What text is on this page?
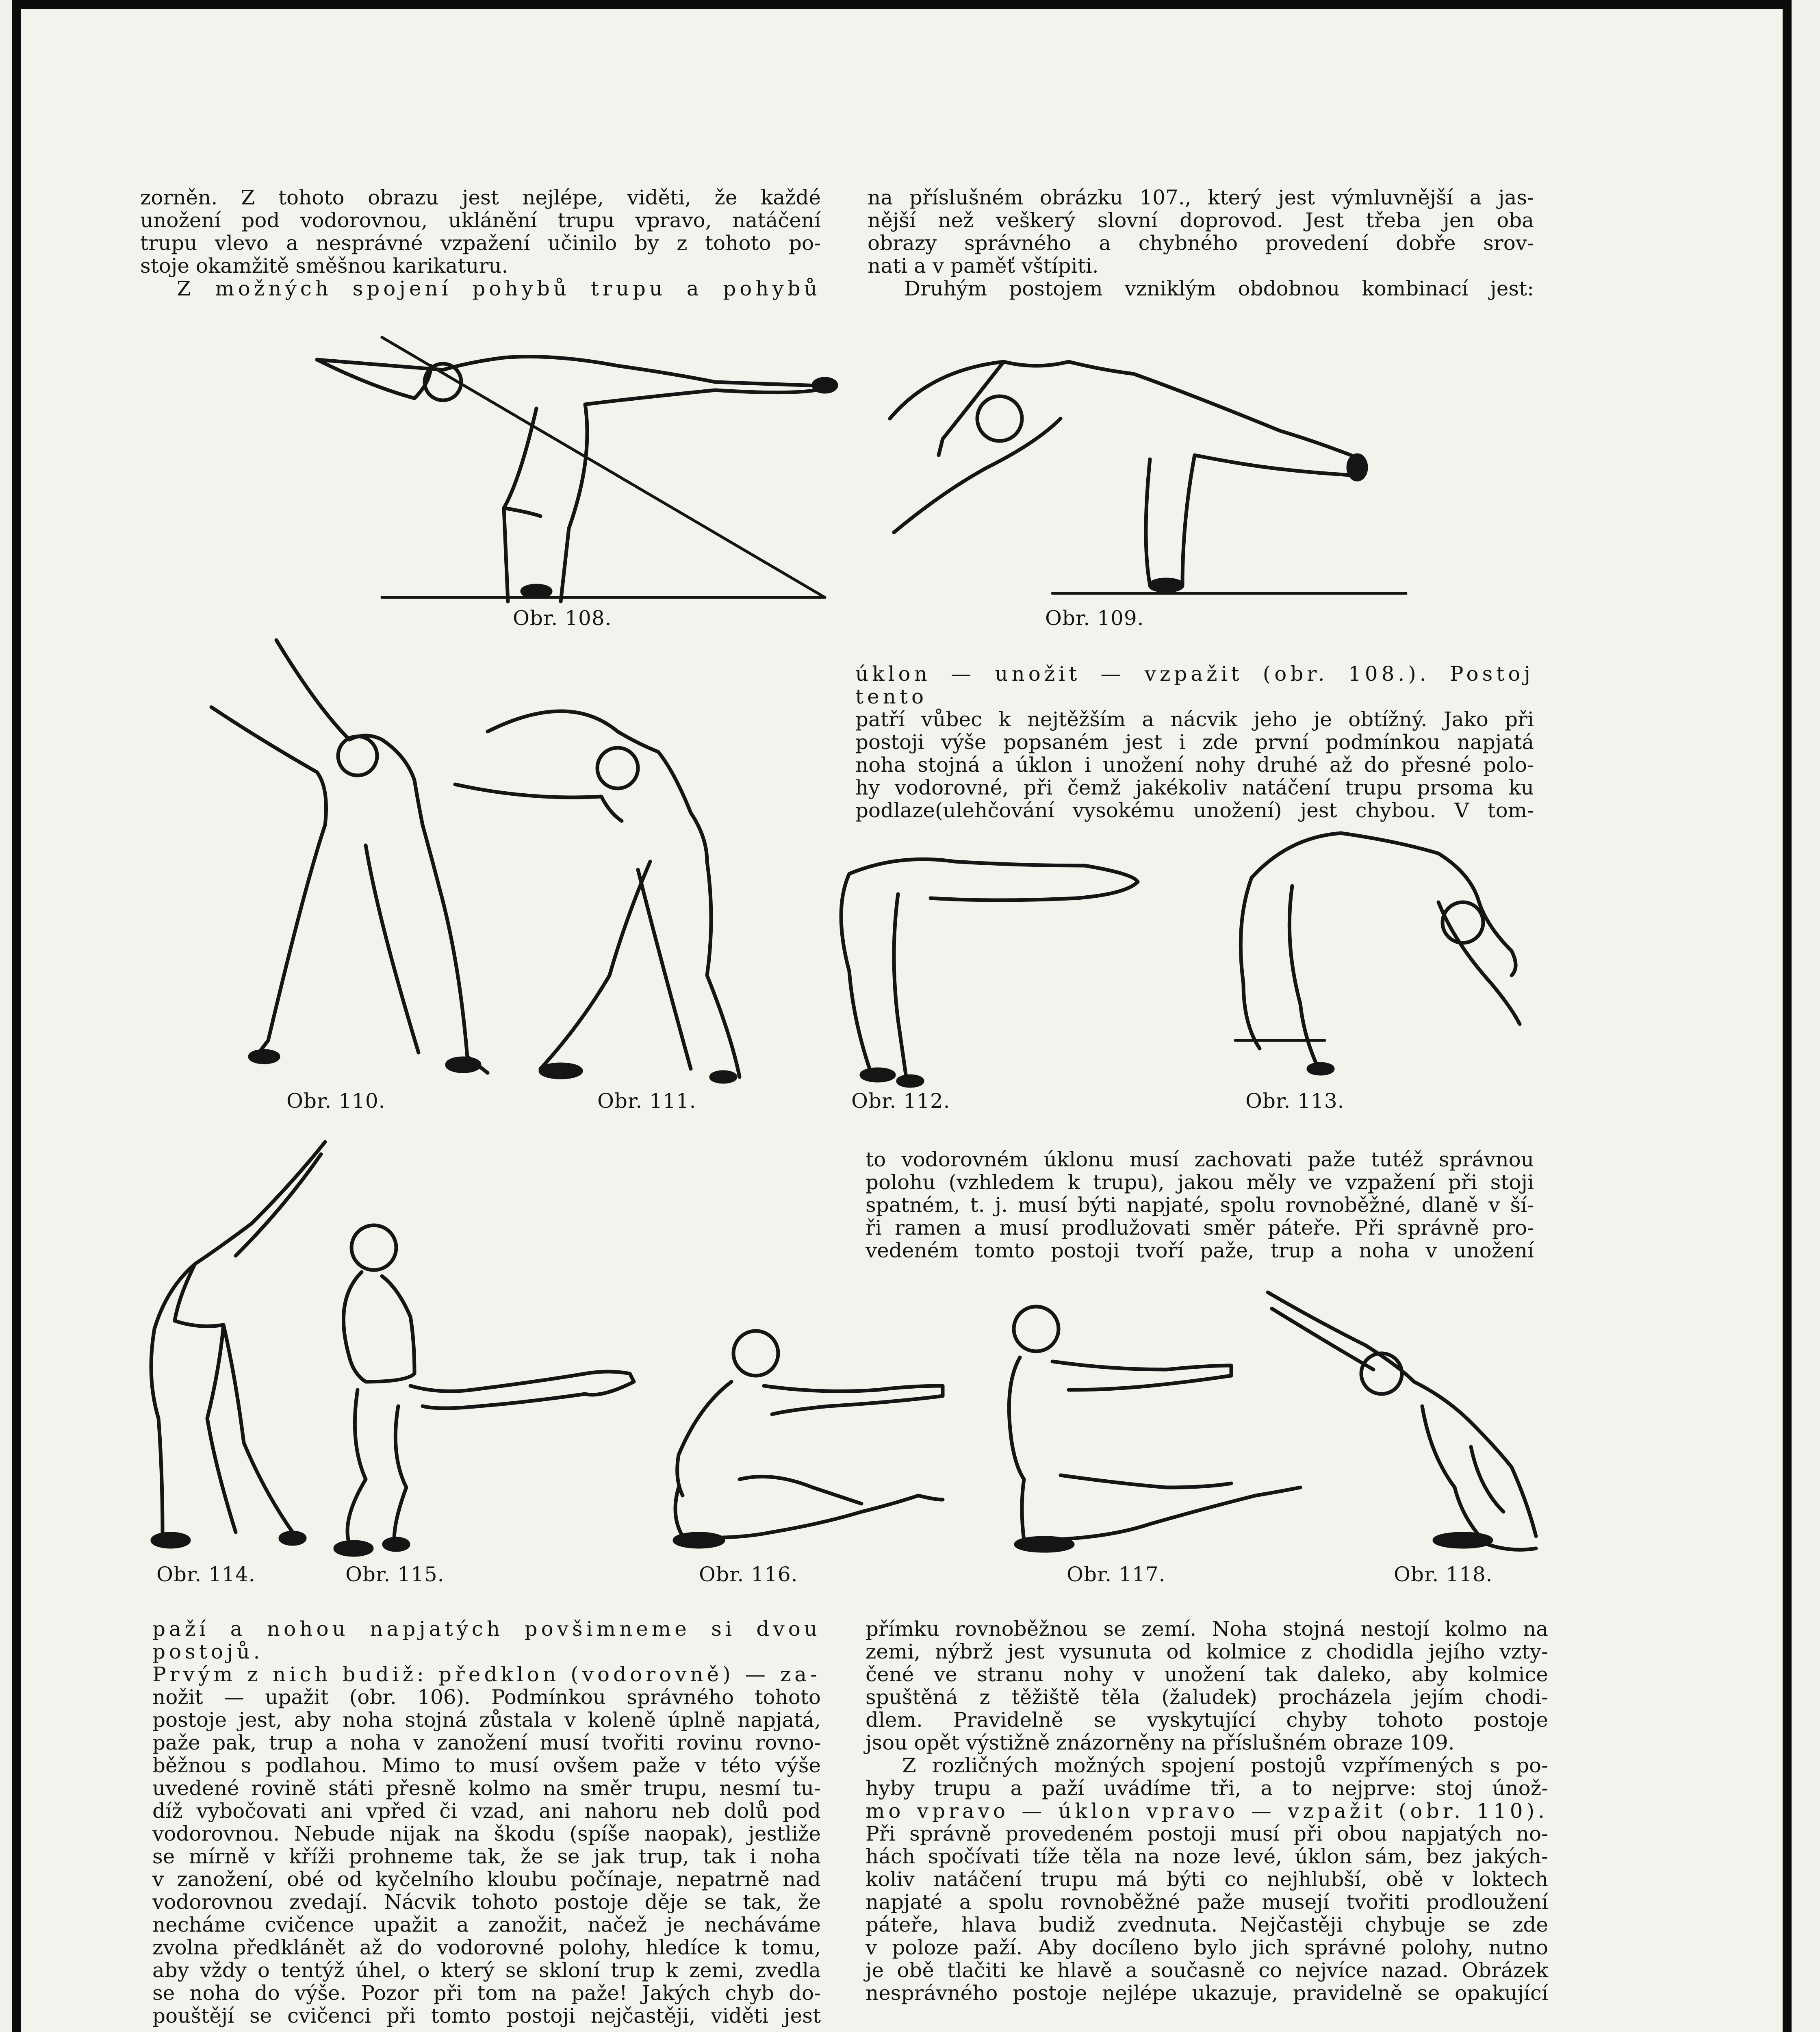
zorněn. Z tohoto obrazu jest nejlépe, viděti, že každé

unožení pod vodorovnou, uklánění trupu vpravo, natáčení

trupu vlevo a nesprávné vzpažení učinilo by z tohoto po-

stoje okamžitě směšnou karikaturu.

Z možných spojení pohybů trupu a pohybů

na příslušném obrázku 107., který jest výmluvnější a jas-

nější než veškerý slovní doprovod. Jest třeba jen oba

obrazy správného a chybného provedení dobře srov-

nati a v paměť vštípiti.

Druhým postojem vzniklým obdobnou kombinací jest:

Obr. 108.	Obr. 109.

úklon — unožit — vzpažit (obr. 108.). Postoj tento

patří vůbec k nejtěžším a nácvik jeho je obtížný. Jako při

postoji výše popsaném jest i zde první podmínkou napjatá

noha stojná a úklon i unožení nohy druhé až do přesné polo-

hy vodorovné, při čemž jakékoliv natáčení trupu prsoma ku

podlaze(ulehčování vysokému unožení) jest chybou. V tom-

Obr. 110.	Obr. 111.	Obr. 112.	Obr. 113.

to vodorovném úklonu musí zachovati paže tutéž správnou

polohu (vzhledem k trupu), jakou měly ve vzpažení při stoji

spatném, t. j. musí býti napjaté, spolu rovnoběžné, dlaně v ší-

ři ramen a musí prodlužovati směr páteře. Při správně pro-

vedeném tomto postoji tvoří paže, trup a noha v unožení

Obr. 114.	Obr. 115.	Obr. 116.	Obr. 117.	Obr. 118.

paží a nohou napjatých povšimneme si dvou postojů.

Prvým z nich budiž: předklon (vodorovně) — za-

nožit — upažit (obr. 106). Podmínkou správného tohoto

postoje jest, aby noha stojná zůstala v koleně úplně napjatá,

paže pak, trup a noha v zanožení musí tvořiti rovinu rovno-

běžnou s podlahou. Mimo to musí ovšem paže v této výše

uvedené rovině státi přesně kolmo na směr trupu, nesmí tu-

díž vybočovati ani vpřed či vzad, ani nahoru neb dolů pod

vodorovnou. Nebude nijak na škodu (spíše naopak), jestliže

se mírně v kříži prohneme tak, že se jak trup, tak i noha

v zanožení, obé od kyčelního kloubu počínaje, nepatrně nad

vodorovnou zvedají. Nácvik tohoto postoje děje se tak, že

necháme cvičence upažit a zanožit, načež je necháváme

zvolna předklánět až do vodorovné polohy, hledíce k tomu,

aby vždy o tentýž úhel, o který se skloní trup k zemi, zvedla

se noha do výše. Pozor při tom na paže! Jakých chyb do-

pouštějí se cvičenci při tomto postoji nejčastěji, viděti jest

přímku rovnoběžnou se zemí. Noha stojná nestojí kolmo na

zemi, nýbrž jest vysunuta od kolmice z chodidla jejího vzty-

čené ve stranu nohy v unožení tak daleko, aby kolmice

spuštěná z těžiště těla (žaludek) procházela jejím chodi-

dlem. Pravidelně se vyskytující chyby tohoto postoje

jsou opět výstižně znázorněny na příslušném obraze 109.

Z rozličných možných spojení postojů vzpřímených s po-

hyby trupu a paží uvádíme tři, a to nejprve: stoj únož-

mo vpravo — úklon vpravo — vzpažit (obr. 110).

Při správně provedeném postoji musí při obou napjatých no-

hách spočívati tíže těla na noze levé, úklon sám, bez jakých-

koliv natáčení trupu má býti co nejhlubší, obě v loktech

napjaté a spolu rovnoběžné paže musejí tvořiti prodloužení

páteře, hlava budiž zvednuta. Nejčastěji chybuje se zde

v poloze paží. Aby docíleno bylo jich správné polohy, nutno

je obě tlačiti ke hlavě a současně co nejvíce nazad. Obrázek

nesprávného postoje nejlépe ukazuje, pravidelně se opakující
